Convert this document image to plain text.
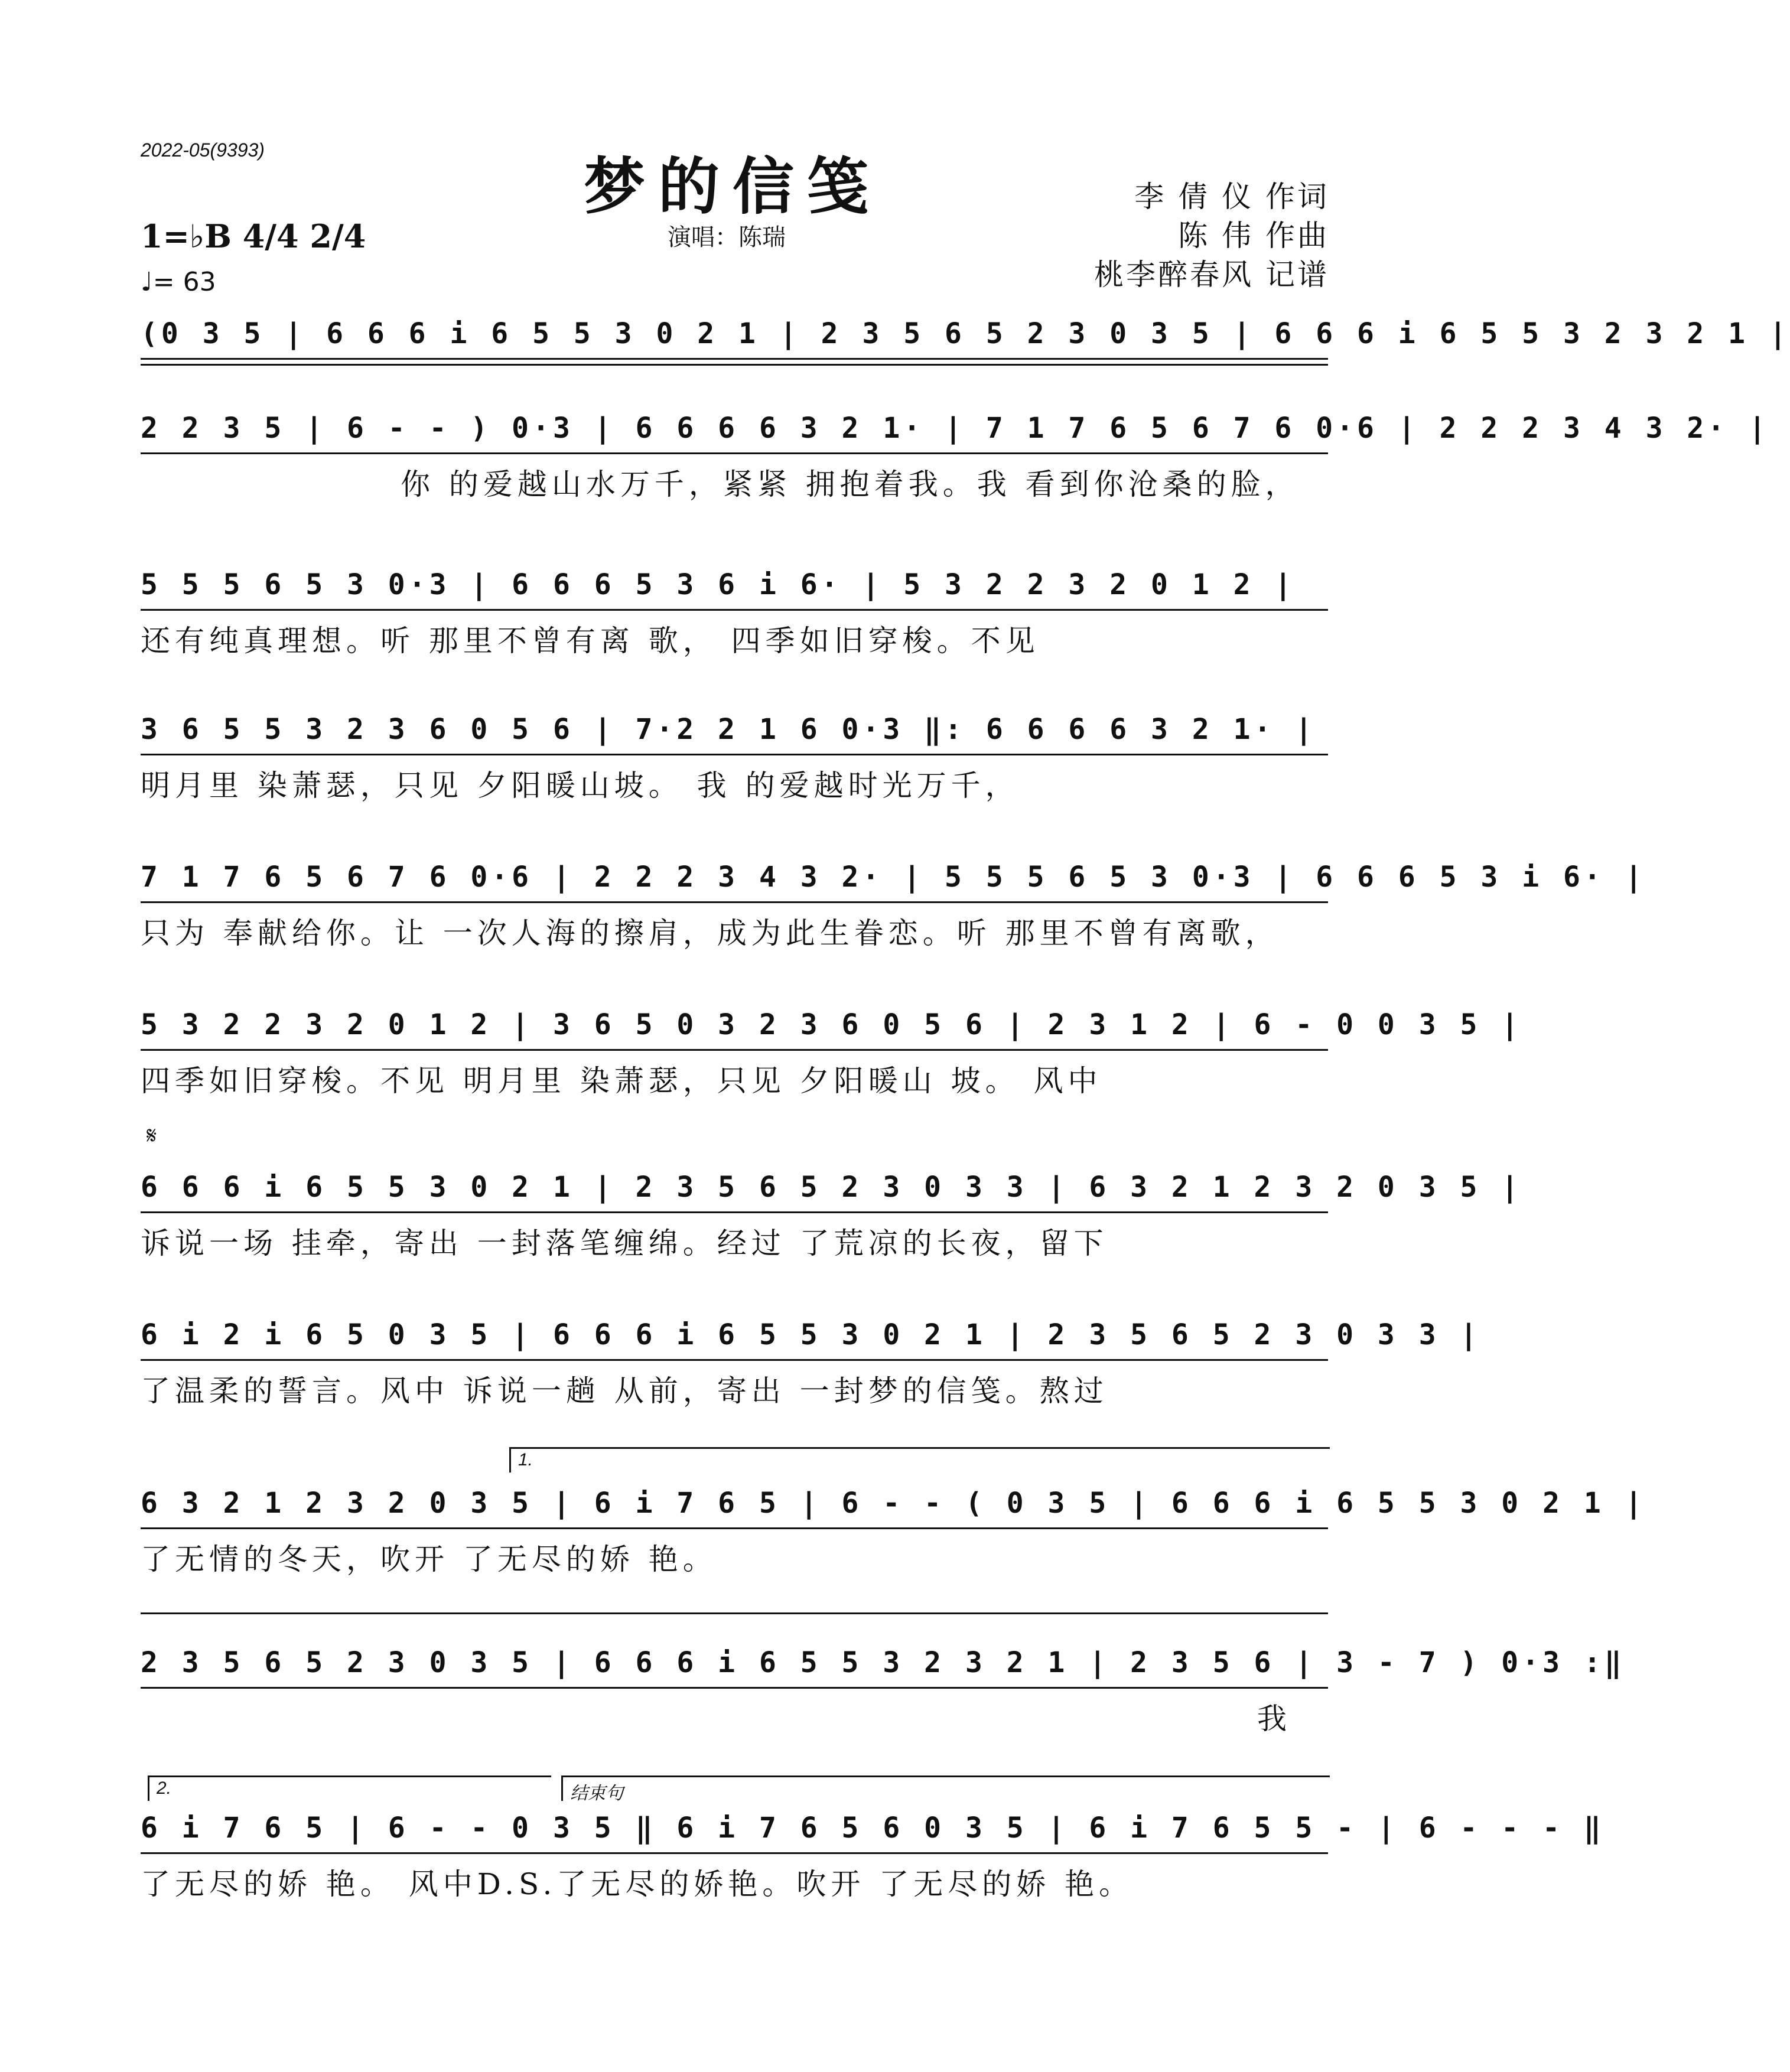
2022-05(9393)	梦的信笺
演唱：陈瑞
李 倩 仪 作词
陈 伟 作曲
桃李醉春风 记谱
1=♭B 4/4 2/4
♩= 63
(0 3 5 | 6 6 6 i 6 5 5 3 0 2 1 | 2 3 5 6 5 2 3 0 3 5 | 6 6 6 i 6 5 5 3 2 3 2 1 |
2 2 3 5 | 6 - - ) 0·3 | 6 6 6 6 3 2 1· | 7 1 7 6 5 6 7 6 0·6 | 2 2 2 3 4 3 2· |
你 的爱越山水万千，紧紧 拥抱着我。我 看到你沧桑的脸，
5 5 5 6 5 3 0·3 | 6 6 6 5 3 6 i 6· | 5 3 2 2 3 2 0 1 2 |
还有纯真理想。听 那里不曾有离 歌， 四季如旧穿梭。不见
3 6 5 5 3 2 3 6 0 5 6 | 7·2 2 1 6 0·3 ‖: 6 6 6 6 3 2 1· |
明月里 染萧瑟，只见 夕阳暖山坡。 我 的爱越时光万千，
7 1 7 6 5 6 7 6 0·6 | 2 2 2 3 4 3 2· | 5 5 5 6 5 3 0·3 | 6 6 6 5 3 i 6· |
只为 奉献给你。让 一次人海的擦肩，成为此生眷恋。听 那里不曾有离歌，
5 3 2 2 3 2 0 1 2 | 3 6 5 0 3 2 3 6 0 5 6 | 2 3 1 2 | 6 - 0 0 3 5 |
四季如旧穿梭。不见 明月里 染萧瑟，只见 夕阳暖山 坡。 风中
𝄋
6 6 6 i 6 5 5 3 0 2 1 | 2 3 5 6 5 2 3 0 3 3 | 6 3 2 1 2 3 2 0 3 5 |
诉说一场 挂牵，寄出 一封落笔缠绵。经过 了荒凉的长夜，留下
6 i 2 i 6 5 0 3 5 | 6 6 6 i 6 5 5 3 0 2 1 | 2 3 5 6 5 2 3 0 3 3 |
了温柔的誓言。风中 诉说一趟 从前，寄出 一封梦的信笺。熬过
1.
6 3 2 1 2 3 2 0 3 5 | 6 i 7 6 5 | 6 - - ( 0 3 5 | 6 6 6 i 6 5 5 3 0 2 1 |
了无情的冬天，吹开 了无尽的娇 艳。
2 3 5 6 5 2 3 0 3 5 | 6 6 6 i 6 5 5 3 2 3 2 1 | 2 3 5 6 | 3 - 7 ) 0·3 :‖
我
2.	结束句
6 i 7 6 5 | 6 - - 0 3 5 ‖ 6 i 7 6 5 6 0 3 5 | 6 i 7 6 5 5 - | 6 - - - ‖
了无尽的娇 艳。 风中D.S.了无尽的娇艳。吹开 了无尽的娇 艳。
